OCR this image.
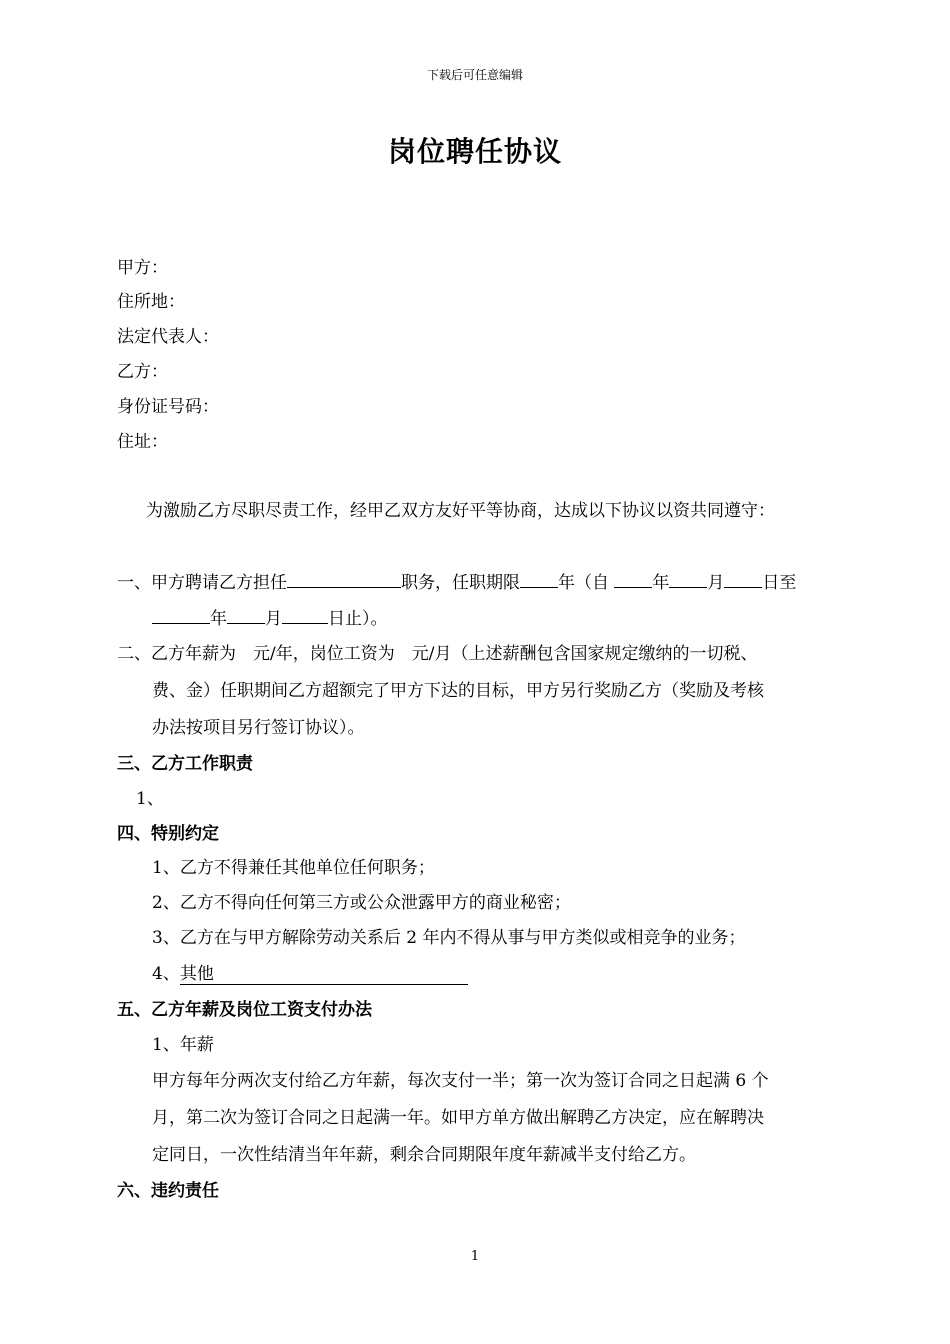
下载后可任意编辑
岗位聘任协议
甲方：
住所地：
法定代表人：
乙方：
身份证号码：
住址：
为激励乙方尽职尽责工作，经甲乙双方友好平等协商，达成以下协议以资共同遵守：
一、甲方聘请乙方担任	职务，任职期限 年（自	年 月 日至
年 月	日止）。
二、乙方年薪为　元/年，岗位工资为　元/月（上述薪酬包含国家规定缴纳的一切税、
费、金）任职期间乙方超额完了甲方下达的目标，甲方另行奖励乙方（奖励及考核
办法按项目另行签订协议）。
三、乙方工作职责
1、
四、特别约定
1、乙方不得兼任其他单位任何职务；
2、乙方不得向任何第三方或公众泄露甲方的商业秘密；
3、乙方在与甲方解除劳动关系后 2 年内不得从事与甲方类似或相竞争的业务；
4、其他
五、乙方年薪及岗位工资支付办法
1、年薪
甲方每年分两次支付给乙方年薪，每次支付一半；第一次为签订合同之日起满 6 个
月，第二次为签订合同之日起满一年。如甲方单方做出解聘乙方决定，应在解聘决
定同日，一次性结清当年年薪，剩余合同期限年度年薪减半支付给乙方。
六、违约责任
1
